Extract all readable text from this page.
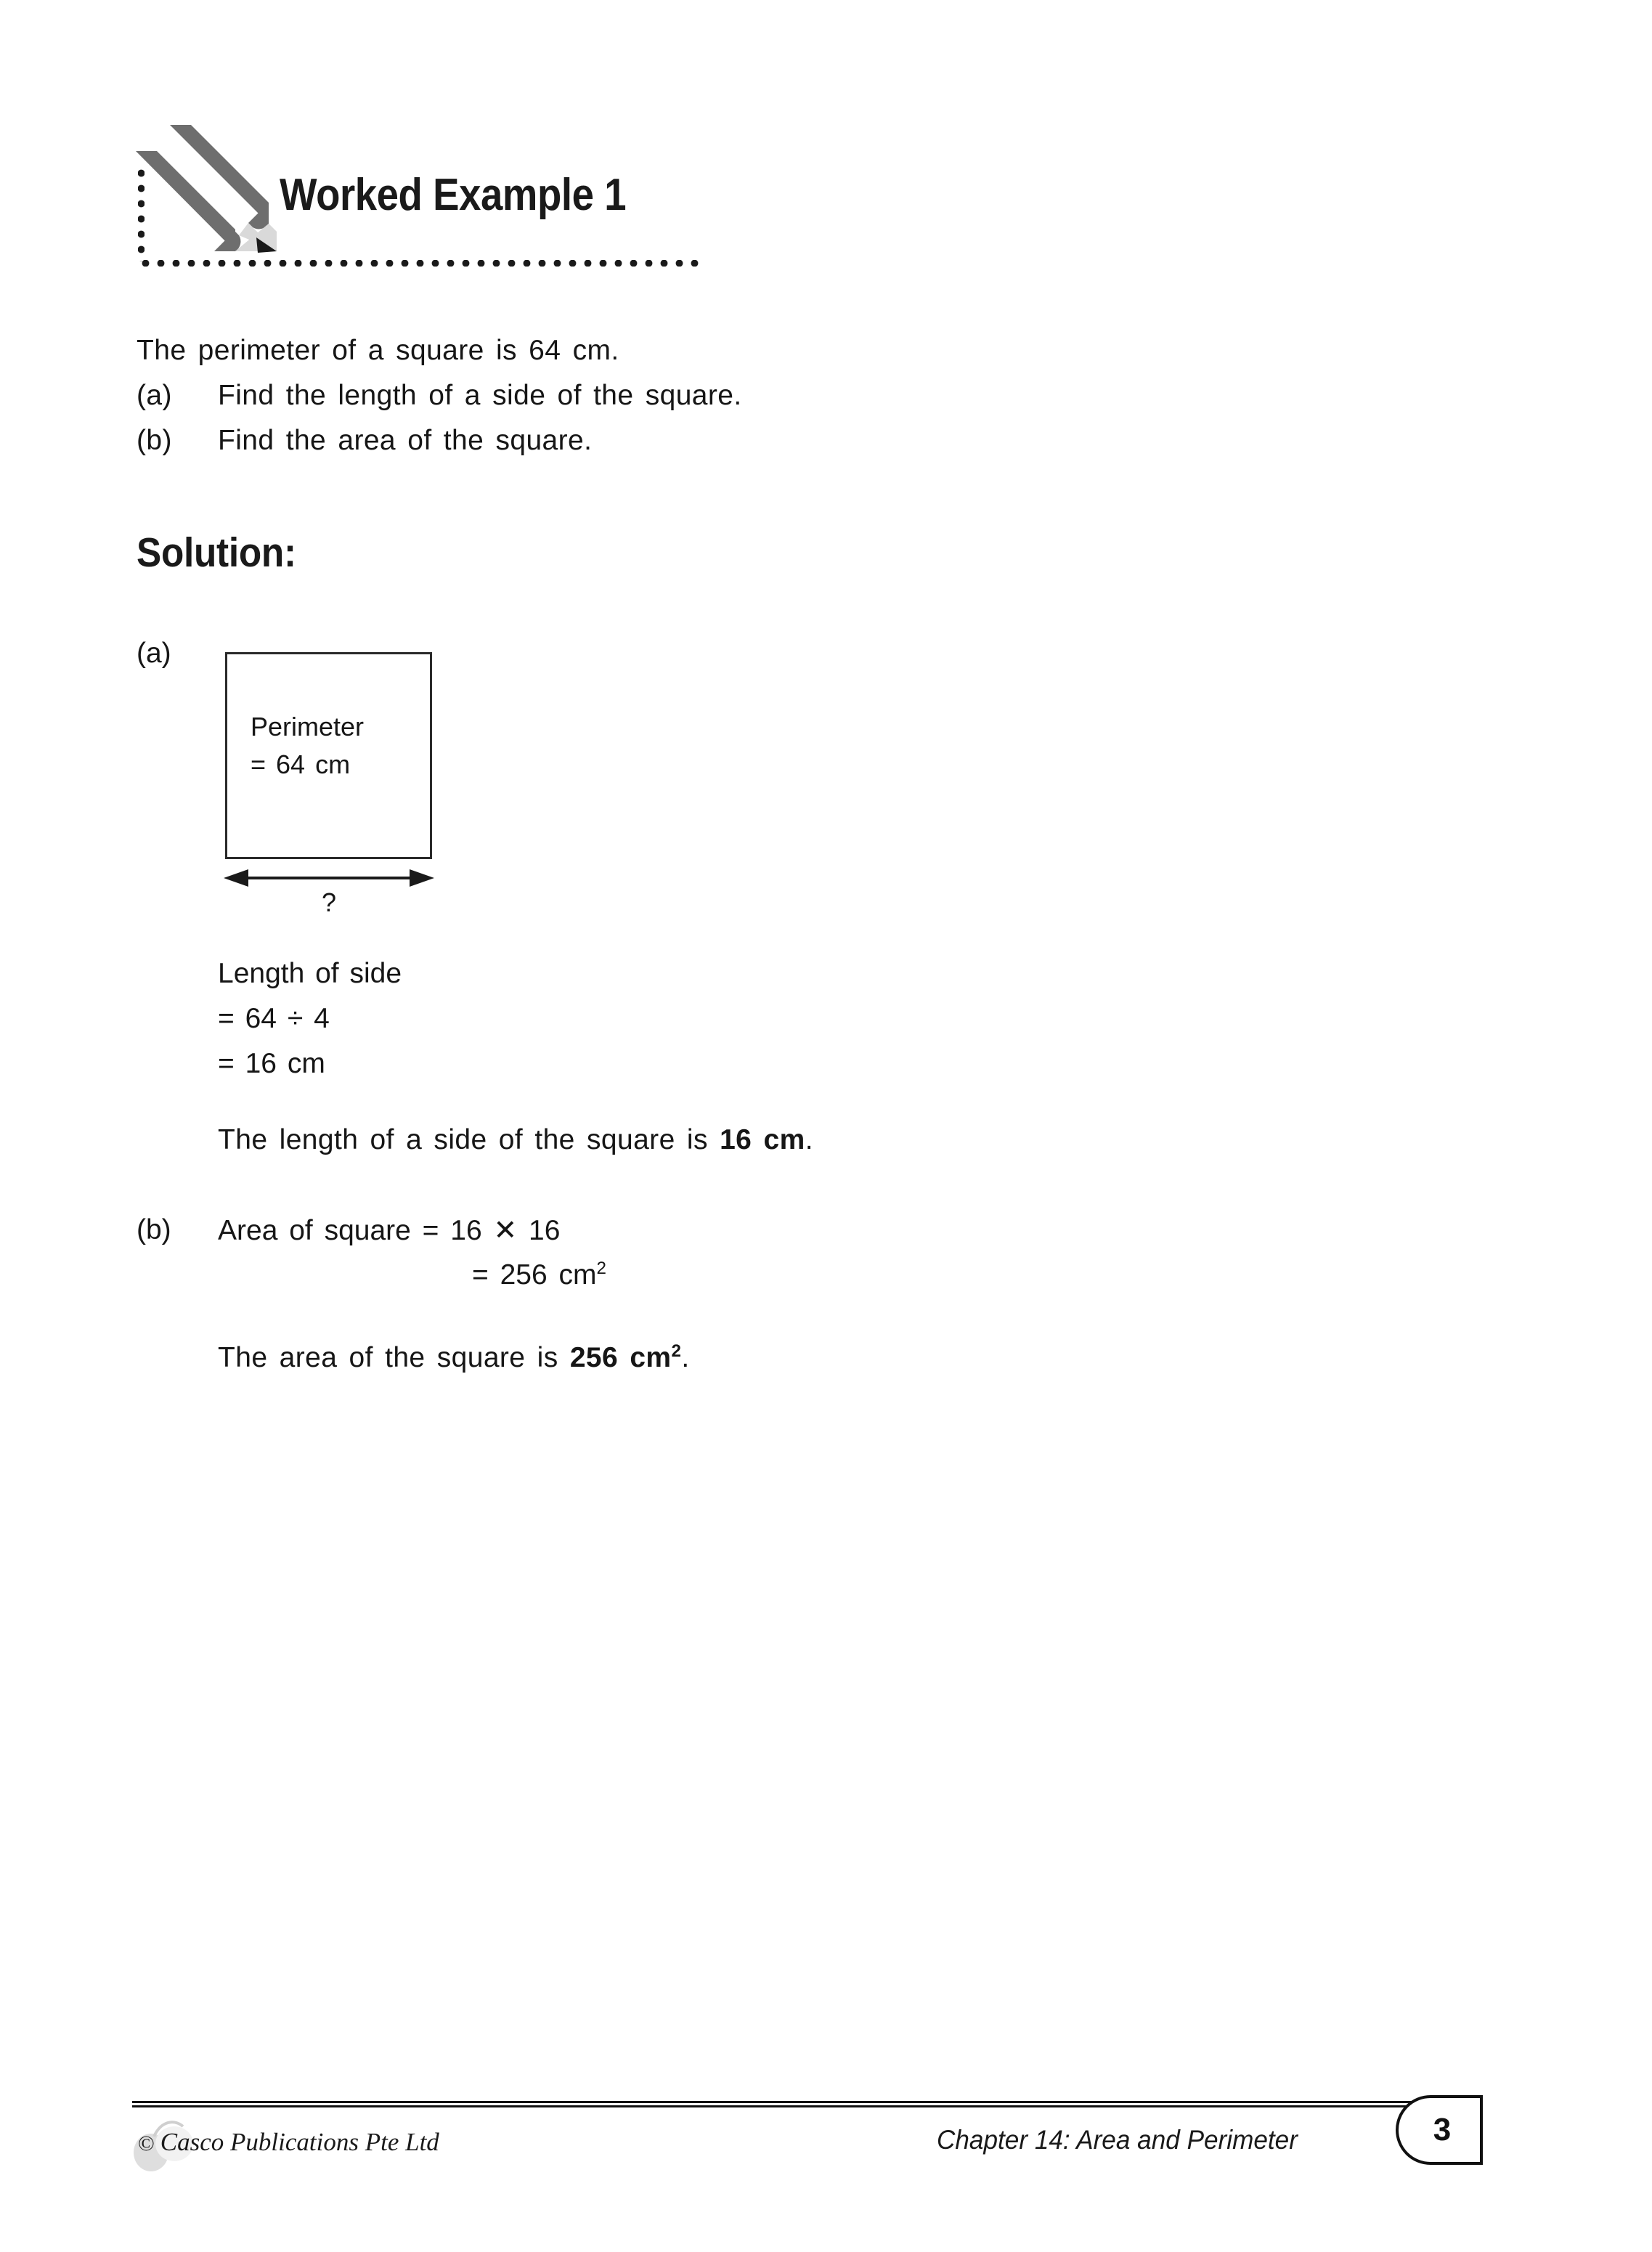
Worked Example 1
The perimeter of a square is 64 cm.
(a) Find the length of a side of the square.
(b) Find the area of the square.
Solution:
(a)
Perimeter
= 64 cm
?
Length of side
= 64 ÷ 4
= 16 cm
The length of a side of the square is 16 cm.
(b) Area of square = 16 ✕ 16
= 256 $cm^2$
The area of the square is 256 $cm^2$.
© Casco Publications Pte Ltd	Chapter 14: Area and Perimeter	3
